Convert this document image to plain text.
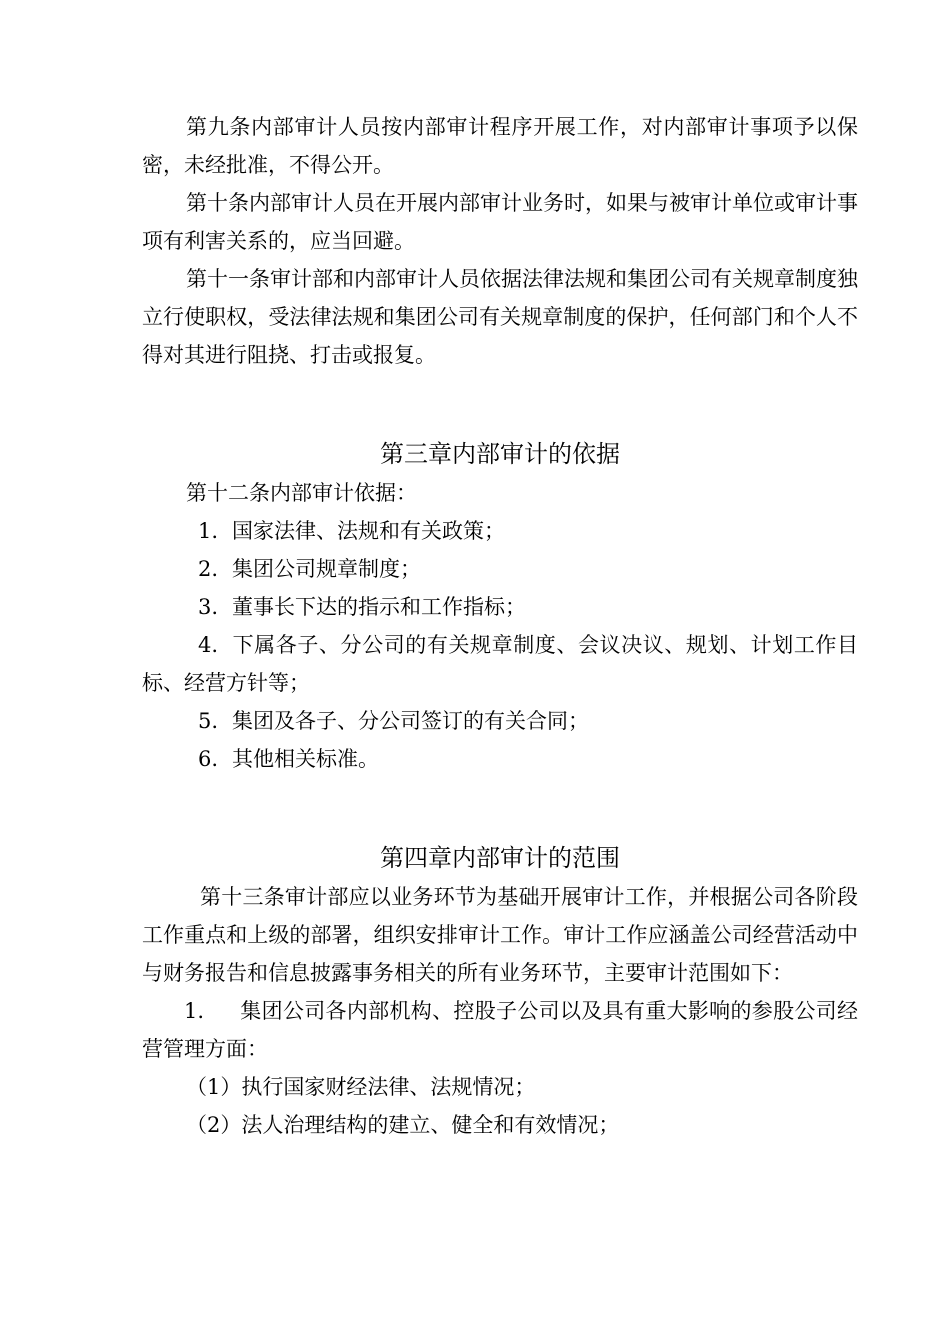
第九条内部审计人员按内部审计程序开展工作，对内部审计事项予以保密，未经批准，不得公开。

第十条内部审计人员在开展内部审计业务时，如果与被审计单位或审计事项有利害关系的，应当回避。

第十一条审计部和内部审计人员依据法律法规和集团公司有关规章制度独立行使职权，受法律法规和集团公司有关规章制度的保护，任何部门和个人不得对其进行阻挠、打击或报复。

第三章内部审计的依据

第十二条内部审计依据：

1. 国家法律、法规和有关政策；

2. 集团公司规章制度；

3. 董事长下达的指示和工作指标；

4. 下属各子、分公司的有关规章制度、会议决议、规划、计划工作目标、经营方针等；

5. 集团及各子、分公司签订的有关合同；

6. 其他相关标准。

第四章内部审计的范围

第十三条审计部应以业务环节为基础开展审计工作，并根据公司各阶段工作重点和上级的部署，组织安排审计工作。审计工作应涵盖公司经营活动中与财务报告和信息披露事务相关的所有业务环节，主要审计范围如下：

1. 集团公司各内部机构、控股子公司以及具有重大影响的参股公司经营管理方面：

（1）执行国家财经法律、法规情况；

（2）法人治理结构的建立、健全和有效情况；
